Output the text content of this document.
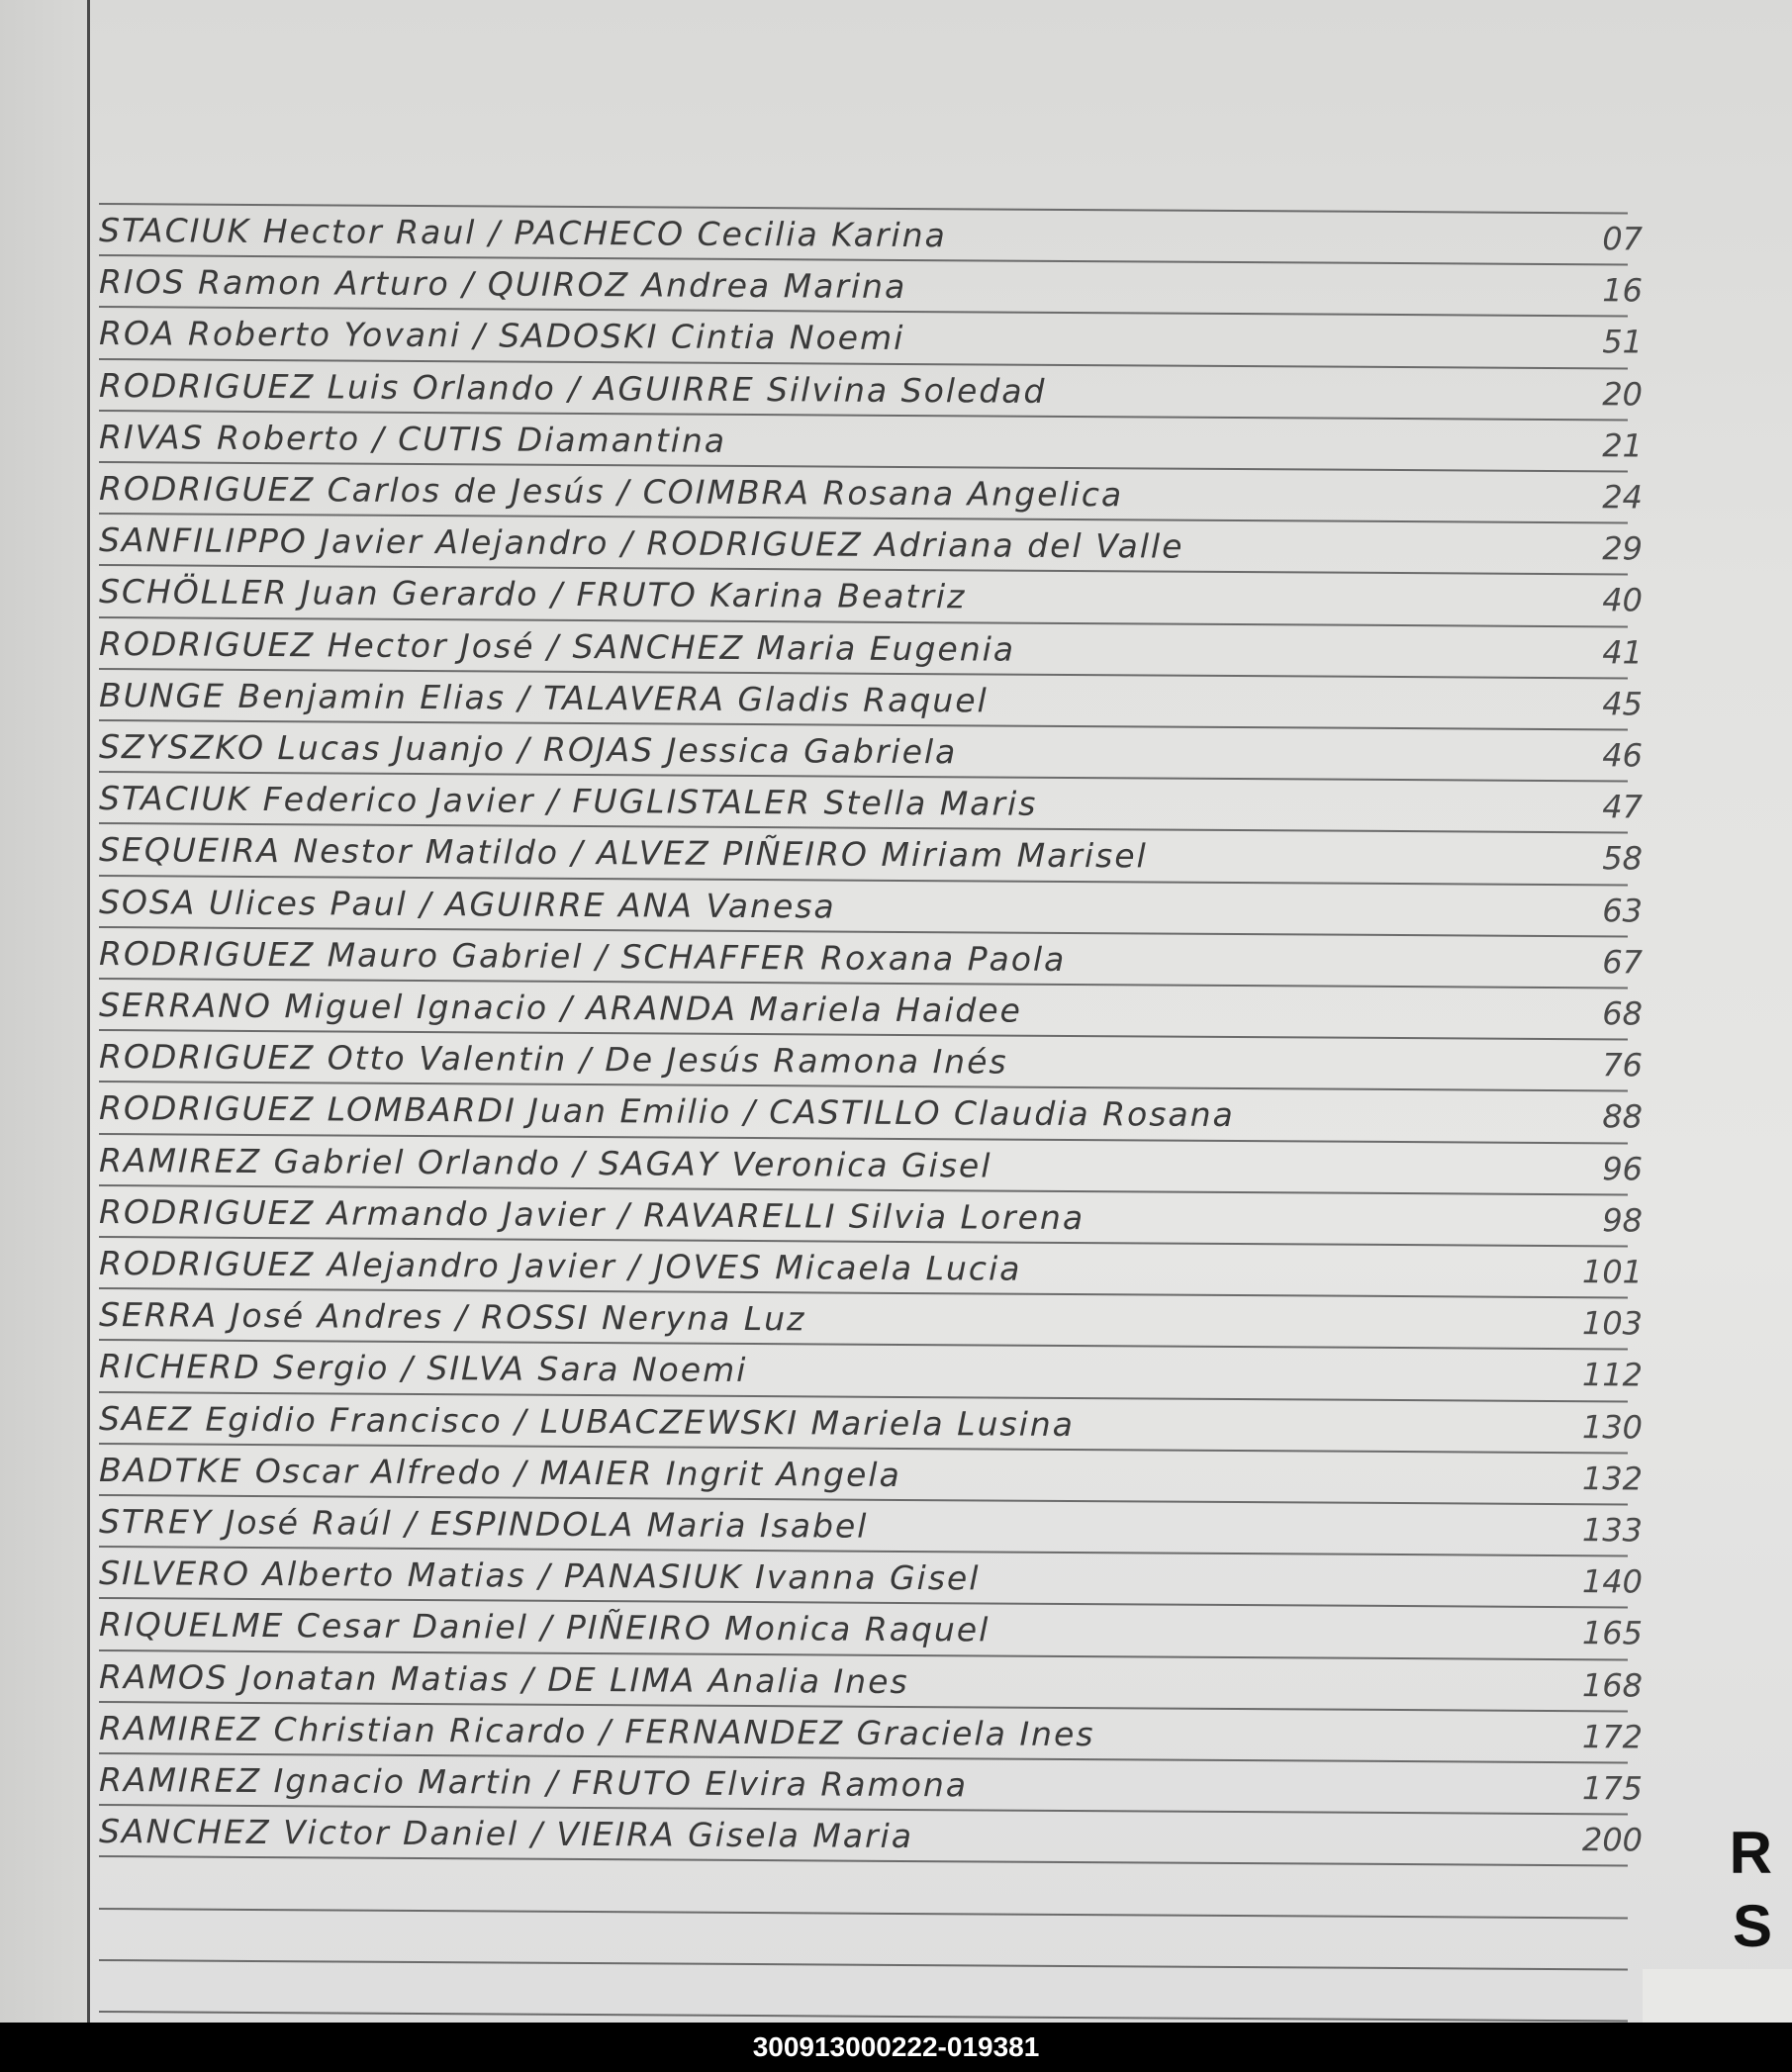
STACIUK Hector Raul / PACHECO Cecilia Karina	07
RIOS Ramon Arturo / QUIROZ Andrea Marina	16
ROA Roberto Yovani / SADOSKI Cintia Noemi	51
RODRIGUEZ Luis Orlando / AGUIRRE Silvina Soledad	20
RIVAS Roberto / CUTIS Diamantina	21
RODRIGUEZ Carlos de Jesús / COIMBRA Rosana Angelica	24
SANFILIPPO Javier Alejandro / RODRIGUEZ Adriana del Valle	29
SCHÖLLER Juan Gerardo / FRUTO Karina Beatriz	40
RODRIGUEZ Hector José / SANCHEZ Maria Eugenia	41
BUNGE Benjamin Elias / TALAVERA Gladis Raquel	45
SZYSZKO Lucas Juanjo / ROJAS Jessica Gabriela	46
STACIUK Federico Javier / FUGLISTALER Stella Maris	47
SEQUEIRA Nestor Matildo / ALVEZ PIÑEIRO Miriam Marisel	58
SOSA Ulices Paul / AGUIRRE ANA Vanesa	63
RODRIGUEZ Mauro Gabriel / SCHAFFER Roxana Paola	67
SERRANO Miguel Ignacio / ARANDA Mariela Haidee	68
RODRIGUEZ Otto Valentin / De Jesús Ramona Inés	76
RODRIGUEZ LOMBARDI Juan Emilio / CASTILLO Claudia Rosana	88
RAMIREZ Gabriel Orlando / SAGAY Veronica Gisel	96
RODRIGUEZ Armando Javier / RAVARELLI Silvia Lorena	98
RODRIGUEZ Alejandro Javier / JOVES Micaela Lucia	101
SERRA José Andres / ROSSI Neryna Luz	103
RICHERD Sergio / SILVA Sara Noemi	112
SAEZ Egidio Francisco / LUBACZEWSKI Mariela Lusina	130
BADTKE Oscar Alfredo / MAIER Ingrit Angela	132
STREY José Raúl / ESPINDOLA Maria Isabel	133
SILVERO Alberto Matias / PANASIUK Ivanna Gisel	140
RIQUELME Cesar Daniel / PIÑEIRO Monica Raquel	165
RAMOS Jonatan Matias / DE LIMA Analia Ines	168
RAMIREZ Christian Ricardo / FERNANDEZ Graciela Ines	172
RAMIREZ Ignacio Martin / FRUTO Elvira Ramona	175
SANCHEZ Victor Daniel / VIEIRA Gisela Maria	200 R
S
300913000222-019381
